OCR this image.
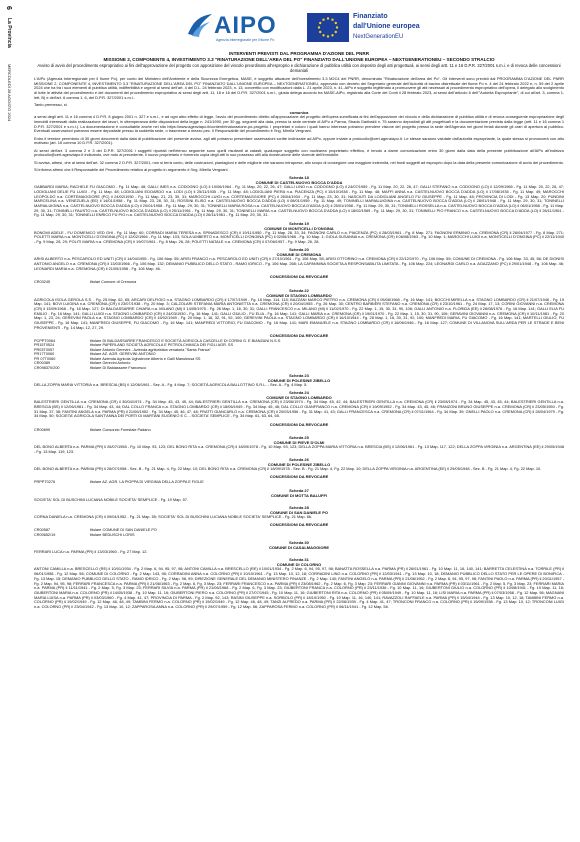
6
La Provincia
MERCOLEDÌ 28 AGOSTO 2024
AIPO
Agenzia Interregionale per il fiume Po
Finanziato
dall'Unione europea
NextGenerationEU
INTERVENTI PREVISTI DAL PROGRAMMA D'AZIONE DEL PNRR
MISSIONE 2, COMPONENTE 4, INVESTIMENTO 3.3 "RINATURAZIONE DELL'AREA DEL PO" FINANZIATO DALL'UNIONE EUROPEA – NEXTGENERATIONEU – SECONDO STRALCIO
Avviso di avvio del procedimento espropriativo ai fini dell'approvazione del progetto con apposizione del vincolo preordinato all'esproprio e dichiarazione di pubblica utilità con deposito degli atti progettuali, ai sensi degli artt. 11 e 16 D.P.R. 327/2001 s.m.i. e di revoca delle concessioni demaniali

L'AIPo (Agenzia Interregionale per il fiume Po), per conto del Ministero dell'Ambiente e della Sicurezza Energetica, MASE, è soggetto attuatore dell'Investimento 3.3 M2C4 del PNRR, denominato "Rinaturazione dell'area del Po". Gli interventi sono previsti dal PROGRAMMA D'AZIONE DEL PNRR MISSIONE 2, COMPONENTE 4, INVESTIMENTO 3.3 "RINATURAZIONE DELL'AREA DEL PO" FINANZIATO DALL'UNIONE EUROPEA – NEXTGENERATIONEU, approvato con decreto del Segretario generale dell'Autorità di bacino distrettuale del fiume Po n. 4 del 24 febbraio 2022 e, n. 59 del 2 aprile 2024 che ha tra i suoi elementi di pubblica utilità, indifferibilità e urgenti ai sensi dell'art. 4 del D.L. 24 febbraio 2023, n. 13, convertito con modificazioni dalla L. 21 aprile 2023, n. 41. AIPo è soggetto legittimato a promuovere gli atti necessari al procedimento espropriativo dell'opera, il delegato allo svolgimento di tutte le attività del procedimento e dei documenti del procedimento espropriativo ai sensi degli artt. 11, 16 e 16 del D.P.R. 327/2001 s.m.i., giusta delega accordo tra MASE-AIPo, registrato alla Corte dei Conti il 28 febbraio 2023, ai sensi dell'articolo 6 dell'"Autorità Espropriante", di cui all'art. 3, comma 1, lett. B) e dell'art. 6 comma 1, 6, del D.P.R. 327/2001 s.m.i..

Tanto premesso, si

comunica

a sensi degli artt. 11 e 16 comma 4 D.P.R. 8 giugno 2001 n. 327 e s.m.i., e ad ogni altro effetto di legge, l'avvio del procedimento diretto all'approvazione del progetto dell'opera sunnificata ai fini dell'apposizione del vincolo e della dichiarazione di pubblica utilità e di revoca conseguente espropriazione degli immobili interessati dalla realizzazione dei lavori, in ottemperanza delle disposizioni della legge n. 241/1990, per 30 gg. seguenti alla data, presso la sede centrale di AIPo a Parma, Strada Garibaldi n. 75 saranno depositati gli atti progettuali e la documentazione prevista dalla legge (artt. 11 e 16 comma 1 D.P.R. 327/2001 e s.m.i.). La documentazione è consultabile anche nel sito https://www.agenziapo.it/content/rinaturazione-po-progetto. I proprietari e coloro i quali hanno interesse potranno prendere visione del progetto presso la sede dell'Agenzia nei giorni feriali durante gli orari di apertura al pubblico. Eventuali osservazioni potranno essere depositate presso la suddetta sede, o trasmesse a mezzo pec. Il Responsabile del procedimento è l'ing. Mirella Vergnani.

Entro il termine perentorio di 30 giorni decorrenti dalla data di pubblicazione del presente avviso, agli atti potranno presentare osservazioni scritte indirizzate ad AIPo, oppure inviate a protocollo@cert.agenziapo.it. Le stesse saranno valutate dall'autorità espropriante, la quale stessa si pronuncerà con atto motivato (art. 16 comma 10 D.P.R. 327/2001).

Ai sensi dell'art. 3 comma 2 e 3 del D.P.R. 327/2001 i soggetti riportati nell'elenco seguente sono quelli risultanti ai catasti; qualunque soggetto con nuclearea proprietario effettivo, è tenuto a darne comunicazione entro 30 giorni dalla data della presente pubblicazione all'AIPo all'indirizzo protocollo@cert.agenziapo.it indicando, ove noto al precedente, il nuovo proprietario e fornendo copia degli atti in suo possesso utili alla ricostruzione delle vicende dell'immobile.

Si avvisa, altresì, che ai sensi dell'art. 32 comma 2 D.P.R. 327/2001, non si terrà conto, delle costruzioni, piantagioni e delle migliorie che saranno intraprese, allo scopo di conseguire una maggiore indennità, nei fondi soggetti ad esproprio dopo la data della presente comunicazione di avvio del procedimento.

Si informa altresì che il Responsabile del Procedimento relativo al progetto in argomento è l'ing. Mirella Vergnani.

Scheda 18
COMUNE DI CASTELNUOVO BOCCA D'ADDA

GABBARDI MARIA; RACHELE FU GIACOMO - Fg. 11 Map. 48; GALLI INES n.a. CODOGNO (LO) il 10/06/1964 - Fg. 11 Map. 20, 22, 26, 47; GALLI LINO n.a. CODOGNO (LO) il 24/07/1959 - Fg. 11 Map. 20, 22, 26, 47; GALLI STEFANO n.a. CODOGNO (LO) il 12/09/1965 - Fg. 11 Map. 20, 22, 26, 47; LODIGLIANI DELIE FU LUIGI - Fg. 11 Map. 48; LODIGLIANI EDOARDO n.a. LODI (LO) il 25/11/1935 - Fg. 11 Map. 48; LODIGLIANI PIERA n.a. PIACENZA (PC) il 15/10/1938 - Fg. 11 Map. 48; MAFFI ANNA n.a. CASTELNUOVO BOCCA D'ADDA (LO) il 17/08/1935 - Fg. 11 Map. 49; MAROCCHI LEOPOLDO n.a. CORTEMAGGIORE (PC) il 24/02/1930 - Fg. 11 Map. 21, 23, 30, 31; MAROCCHI LUIGI n.a. CORTEMAGGIORE (PC) il 26/04/1934 - Fg. 11 Map. 23, 30, 31; NASCIUTI DA LODIGLIANI ANGELO FU GIUSEPPE - Fg. 11 Map. 48; PROVINCIA DI LODI - Fg. 13 Map. 20; PUNDINI MARCELINA n.a. VENEZUELA (EE) il 14/01/1958 - Fg. 11 Map. 23, 28, 30, 31; ROSSINI ELISO n.a. CASTELNUOVO BOCCA D'ADDA (LO) il 08/01/1959 - Fg. 11 Map. 49; TONINELLI MARIALUIGINA n.a. CASTELNUOVO BOCCA D'ADDA (LO) il 28/01/1948 - Fg. 11 Map. 29, 30, 31; TONINELLI MARIALUIGINA n.a. CASTELNUOVO BOCCA D'ADDA (LO) il 20/01/1958 - Fg. 11 Map. 29, 30, 31; TONINELLI MARIA ROSA n.a. CASTELNUOVO BOCCA D'ADDA (LO) il 25/01/1958 - Fg. 11 Map. 29, 30, 31; TONINELLI ROSSELLA n.a. CASTELNUOVO BOCCA D'ADDA (LO) il 06/01/1958 - Fg. 11 Map. 29, 30, 31; TONINELLI FAUSTO n.a. CASTELNUOVO BOCCA D'ADDA (LO) il 20/11/1951 - Fg. 11 Map. 29, 30, 31; TONINELLI MARIA n.a. CASTELNUOVO BOCCA D'ADDA (LO) il 18/02/1969 - Fg. 11 Map. 29, 30, 31; TONINELLI PIO FRANCO n.a. CASTELNUOVO BOCCA D'ADDA (LO) il 26/11/1961 - Fg. 11 Map. 29, 30, 31; TONINELLI ENRICO FU PIO n.a. CASTELNUOVO BOCCA D'ADDA (LO) il 26/11/1961 - Fg. 11 Map. 29, 30, 31.

Scheda 19
COMUNE DI MONTICELLI D'ONGINA

BONOMI ADELE - FU DOMENICO VED GHI - Fg. 11 Map. 60; CORRADI MARIA TERESA n.a. SPINADESCO (CR) il 19/11/1950 - Fg. 11 Map. 28, 33, 34; FAGNONI CARLO n.a. PIACENZA (PC) il 28/03/1961 - Fg. 8 Map. 271; FAGNONI ERMINIO n.a. CREMONA (CR) il 26/04/1977 - Fg. 8 Map. 271; POLETTI MARIA n.a. MONTICELLI D'ONGINA (PC) il 12/02/1966 - Fg. 11 Map. 103; SOLA UMBERTO n.a. MONTICELLI D'ONGINA (PC) il 02/06/1966 - Fg. 10 Map. 1; GIOLA SUSANNA n.a. CREMONA (CR) il 06/08/1963 - Fg. 10 Map. 1; MAROCCHI LUIGI n.a. MONTICELLI D'ONGINA (PC) il 22/11/1940 - Fg. 9 Map. 28, 29; POLITI MARIA n.a. CREMONA (CR) il 19/07/1961 - Fg. 8 Map. 26, 28; POLETTI NATALE n.a. CREMONA (CR) il 07/06/1957 - Fg. 9 Map. 26, 28.

Scheda 20
COMUNE DI CREMONA

ARISI ALBERTO n.a. PESCAROLO ED UNITI (CR) il 14/04/1955 - Fg. 106 Map. 55; ARISI FRANCO n.a. PESCAROLO ED UNITI (CR) il 27/10/1961 - Fg. 106 Map. 55; ARISI OTTORINO n.a. CREMONA (CR) il 22/12/1970 - Fg. 106 Map. 55; COMUNE DI CREMONA - Fg. 106 Map. 33, 45, 56; DE DIONISI ANTONIO ANGELO n.a. CREMONA (CR) il 13/03/1966 - Fg. 106 Map. 132; DEMANIO PUBBLICO DELLO STATO - RAMO IDRICO - Fg. 106 Map. 268; LA CAPANNINA SOCIETA A RESPONSABILITA LIMITATA - Fg. 106 Map. 224; LEONARDI CARLO n.a. AGAZZANO (PC) il 29/01/1948 - Fg. 106 Map. 46; LEONARDI MARIA n.a. CREMONA (CR) il 21/05/1958 - Fg. 106 Map. 46.

CONCESSIONI DA REVOCARE
CR03245	titolari Comune di Cremona
Scheda 22
COMUNE DI STAGNO LOMBARDO

AGRICOLA ISOLA GEROLA S.S. - Fg. 25 Map. 62, 65; ARCARI DELFIGIO n.a. STAGNO LOMBARDO (CR) il 17/07/1949 - Fg. 16 Map. 114, 115; BAZZANI MARCO PIETRO n.a. CREMONA (CR) il 05/06/1968 - Fg. 16 Map. 141; BOCCHI MIRELLA n.a. STAGNO LOMBARDO (CR) il 21/07/1946 - Fg. 19 Map. 141; BOVI LUIGINA n.a. CREMONA (CR) il 23/07/1938 - Fg. 20 Map. 3; CALZOLARI STEFANIA MARIA ANTONIETTA n.a. CREMONA (CR) il 20/04/1955 - Fg. 26 Map. 30; CENTRO BARBIERI STEFANO n.a. CREMONA (CR) il 23/10/1961 - Fg. 24 Map. 17, 13; CORINI GIOVANNI n.a. CREMONA (CR) il 15/09/1968 - Fg. 16 Map. 127; DI BALDASSARRE CHIARA n.a. MILANO (MI) il 14/05/1975 - Fg. 26 Map. 1, 16, 30, 31; GALLI FRANCESCO n.a. MILANO (MI) il 11/02/1970 - Fg. 22 Map. 1, 15, 30, 31, 90, 106; GALLI ANTONIO n.a. FLORIDA (EE) il 26/08/1976 - Fg. 16 Map. 141; GALLI ELIA FU EMILIO - Fg. 16 Map. 141; GALLI LUIGI n.a. STAGNO LOMBARDO (CR) il 24/03/1930 - Fg. 16 Map. 141; GALLI GIULIO - FU ELIA - Fg. 16 Map. 141; GALLI MARIA n.a. CREMONA (CR) il 19/01/1970 - Fg. 22 Map. 1, 15, 30, 31, 90, 106; GERAVINI GIOVANNI n.a. CREMONA (CR) il 10/11/1981 - Fg. 20 Map. 1, 23, 24; GEREVINI PAOLA n.a. STAGNO LOMBARDO (CR) il 15/02/1949 - Fg. 20 Map. 1, 16, 32, 91, 92, 100; GEREVINI PAOLA n.a. STAGNO LOMBARDO (CR) il 16/10/1944 - Fg. 28 Map. 1, 16, 30, 31, 92, 100; MANFREDI MARIA, FU GIACOMO - Fg. 16 Map. 141; MARTELLI GIULIO, FU GIUSEPPE - Fg. 16 Map. 141; MANFREDI GIUSEPPE, FU GIACOMO - Fg. 16 Map. 141; MANFREDI VITTORIO, FU GIACOMO - Fg. 16 Map. 141; MARI EMANUELE n.a. STAGNO LOMBARDO (CR) il 16/06/1946 - Fg. 16 Map. 127; COMUNE DI VILLANOVA SULL'ARDA PER LE STRADE E BENI PROVENIENTI - Fg. 14 Map. 12, 27, 29.

CONCESSIONI DA REVOCARE
PCPPT0064	titolare DI BALDASSARRE FRANCESCO E SOCIETÀ AGRICOLA CASCELLE DI CORINI G. E BIANZANI N.S.S.
PR15T0524	titolare PAPERLAND SOCIETÀ AGRICOLA E PETROLCHIMICA DEI FIGLI AGR. SS
PR03T0057	titolare Antonio Gerevini - Azienda agrituristica venatoria "Santa Franca"
PR17T0060	titolare AZ. AGR. GEREVINI ANTONIO
PR 07T0060	titolare Azienda Agricola Ughaleone Alberto e Galli Manuleusa SS
CR00389	titolare Gerevini Antonio
CR098370/200	titolare Di Baldassarre Francesco
Scheda 23
COMUNE DI POLESINE ZIBELLO

DELLA ZOPPA MARIA VITTORIA n.a. BRESCIA (BS) il 12/06/1961 - Sez. A - Fg. 4 Map. 7; SOCIETÀ AGRICOLA BALLOTTINO S.R.L. - Sez. A - Fg. 4 Map. 5.

Scheda 24
COMUNE DI STAGNO LOMBARDO

BALESTRIERI GENTILLA n.a. CREMONA (CR) il 30/04/1974 - Fg. 34 Map. 45, 43, 45, 44; BALESTRIERI GENTILLA n.a. CREMONA (CR) il 23/06/1974 - Fg. 34 Map. 45, 42, 44; BALESTRIERI GENTILLA n.a. CREMONA (CR) il 23/08/1974 - Fg. 34 Map. 45, 43, 45, 44; BALESTRIERI GENTILLA n.a. BRESCIA (BS) il 12/06/1961 - Fg. 34 Map. 43, 44; DAL COLLO FRANCA n.a. STAGNO LOMBARDO (CR) il 18/06/1949 - Fg. 34 Map. 45, 46; DAL COLLO GIANFRANCO n.a. CREMONA (CR) il 19/09/1952 - Fg. 34 Map. 43, 45, 46; FRANZONI BRUNO GIUSEPPE n.a. CREMONA (CR) il 23/05/1950 - Fg. 31 Map. 37, 38; FANTINI ANGELA n.a. PARMA (PR) il 21/06/1952 - Fg. 34 Map. 45, 46, 47, 48; FRATTI GIANCARLO n.a. CREMONA (CR) il 20/03/1956 - Fg. 31 Map. 41, 43; GALLI FRANCESCA n.a. CREMONA (CR) il 07/11/1964 - Fg. 34 Map. 39; GNELLI PAOLO n.a. CREMONA (CR) il 28/04/1979 - Fg. 34 Map. 50; SOCIETA' AGRICOLA SANT'ANNA DEI PORTI DI MARTANI EUGENIO E C. - SOCIETA' SEMPLICE - Fg. 34 Map. 61, 63, 64, 65.

CONCESSIONI DA REVOCARE
CR00699	titolare Consorzio Forestale Padano
Scheda 25
COMUNE DI PIEVE D'OLMI

DEL BONO ALBERTA n.a. PARMA (PR) il 26/07/1958 - Fg. 10 Map. 93, 123; DEL BONO RITA n.a. CREMONA (CR) il 18/09/1978 - Fg. 10 Map. 93, 123; DELLA ZOPPA MARIA VITTORIA n.a. BRESCIA (BS) il 12/06/1961 - Fg. 13 Map. 117, 122; DELLA ZOPPA VIRGINIA n.a. ARGENTINA (EE) il 29/05/1948 - Fg. 13 Map. 119, 123.

Scheda 26
COMUNE DI POLESINE ZIBELLO

DEL BONO ALBERTA n.a. PARMA (PR) il 26/07/1958 - Sez. B - Fg. 21 Map. 4, Fg. 22 Map. 10; DEL BONO RITA n.a. CREMONA (CR) il 18/09/1978 - Sez. B - Fg. 21 Map. 4, Fg. 22 Map. 10; DELLA ZOPPA VIRGINIA n.a. ARGENTINA (EE) il 29/05/1948 - Sez. B - Fg. 21 Map. 4, Fg. 22 Map. 10.

CONCESSIONI DA REVOCARE
PRPPT0276	titolare AZ. AGR. LA PIOPPA DI VIRGINIA DELLA ZOPPA E FIGLIE
Scheda 27
COMUNE DI MOTTA BALUFFI

SOCIETA' SOL DI BUSCHINI LUCIANA NOBILE SOCIETA' SEMPLICE - Fg. 19 Map. 57.

Scheda 28
COMUNE DI SAN DANIELE PO

CORNA DANIELA n.a. CREMONA (CR) il 09/04/1952 - Fg. 21 Map. 55; SOCIETA' SOL DI BUSCHINI LUCIANA NOBILE SOCIETA' SEMPLICE - Fg. 21 Map. 66.

CONCESSIONI DA REVOCARE
CR00587	titolare COMUNE DI SAN DANIELE PO
CR00652/19	titolare BEDUSCHI LORIS
Scheda 30
COMUNE DI CASALMAGGIORE

FERRARI LUCA n.a. PARMA (PR) il 13/03/1960 - Fg. 27 Map. 12.

Scheda 31
COMUNE DI COLORNO

ANTONI CAMILLA n.a. BRESCELLO (RE) il 10/01/1934 - Fg. 2 Map. 6, 94, 95, 97, 98; ANTONI CAMILLA n.a. BRESCELLO (RE) il 10/01/1934 - Fg. 2 Map. 6, 94, 95, 97, 98; BANATTA ROSSELLA n.a. PARMA (PR) il 26/01/1961 - Fg. 10 Map. 11, 16, 140, 141; BARRETTA CELESTINA n.a. TORRILE (PR) il 06/01/1958 - Fg. 12 Map. 56; COMUNE DI COLORNO - Fg. 2 Map. 143, 98; CORRADINI ANNA n.a. COLORNO (PR) il 10/10/1961 - Fg. 13 Map. 10, 12, 18; CORRADINI LINO n.a. COLORNO (PR) il 12/03/1941 - Fg. 13 Map. 10, 18; DEMANIO PUBBLICO DELLO STATO PER LE OPERE DI BONIFICA - Fg. 13 Map. 15; DEMANIO PUBBLICO DELLO STATO - RAMO IDRICO - Fg. 2 Map. 98, 99; DIREZIONE GENERALE DEL DEMANIO MINISTERO FINANZE - Fg. 2 Map. 140; FANTINI ANGELO n.a. PARMA (PR) il 21/06/1952 - Fg. 2 Map. 6, 94, 95, 97, 98; FANTINI PAOLO n.a. PARMA (PR) il 20/11/1957 - Fg. 2 Map. 94, 95, 98; FERRARI FRANCESCA n.a. PARMA (PR) il 21/06/1963 - Fg. 2 Map. 6, Fg. 3 Map. 23; FERRARI FRANCESCO n.a. PARMA (PR) il 23/08/1962 - Fg. 2 Map. 6, Fg. 3 Map. 23; FERRARI GIANNI GIOVANNI n.a. PARMA (PR) il 03/11/1961 - Fg. 2 Map. 5, Fg. 3 Map. 23; FERRARI MARIA n.a. PARMA (PR) il 11/11/1941 - Fg. 2 Map. 5, Fg. 3 Map. 23; FERRARI SILVIA n.a. PARMA (PR) il 21/06/1968 - Fg. 2 Map. 6, Fg. 3 Map. 23; GIUBERTONI FRANCA n.a. COLORNO (PR) il 23/11/1936 - Fg. 10 Map. 11, 16; GIUBERTONI GIULIO n.a. COLORNO (PR) il 10/08/1941 - Fg. 10 Map. 11, 16; GIUBERTONI MARIA n.a. COLORNO (PR) il 14/05/1938 - Fg. 10 Map. 11, 16; GIUBERTONI PIERO n.a. COLORNO (PR) il 27/07/1945 - Fg. 10 Map. 11, 16; GIUBERTONI RITA n.a. COLORNO (PR) il 05/09/1949 - Fg. 10 Map. 11, 16; LISI MARIA n.a. PARMA (PR) il 07/03/1958 - Fg. 12 Map. 56; MAGNANI MARIA LUISA n.a. PARMA (PR) il 03/03/1960 - Fg. 4 Map. 41, 47; PROVINCIA DI PARMA - Fg. 2 Map. 92, 143; RASINI GIUSEPPE n.a. SORBOLO (PR) il 18/10/1950 - Fg. 10 Map. 11, 16, 140, 141; RAVAZZOLI RAFFAELE n.a. PARMA (PR) il 15/04/1944 - Fg. 13 Map. 10, 12, 18; TAMBINI FERMO n.a. COLORNO (PR) il 19/02/1949 - Fg. 12 Map. 46, 48, 49; TAMBINI FERMO n.a. COLORNO (PR) il 19/02/1949 - Fg. 12 Map. 46, 48, 49; TANZI ALFREDO n.a. PARMA (PR) il 22/06/1939 - Fg. 4 Map. 41, 47; TRONCONI FRANCO n.a. COLORNO (PR) il 15/09/1938 - Fg. 13 Map. 10, 12; TRONCONI LUIGI n.a. COLORNO (PR) il 23/04/1942 - Fg. 13 Map. 10, 12; ZAPPAROSA ANNA n.a. COLORNO (PR) il 29/07/1959 - Fg. 12 Map. 56; ZAPPAROSA FERMO n.a. COLORNO (PR) il 06/11/1941 - Fg. 12 Map. 56.
